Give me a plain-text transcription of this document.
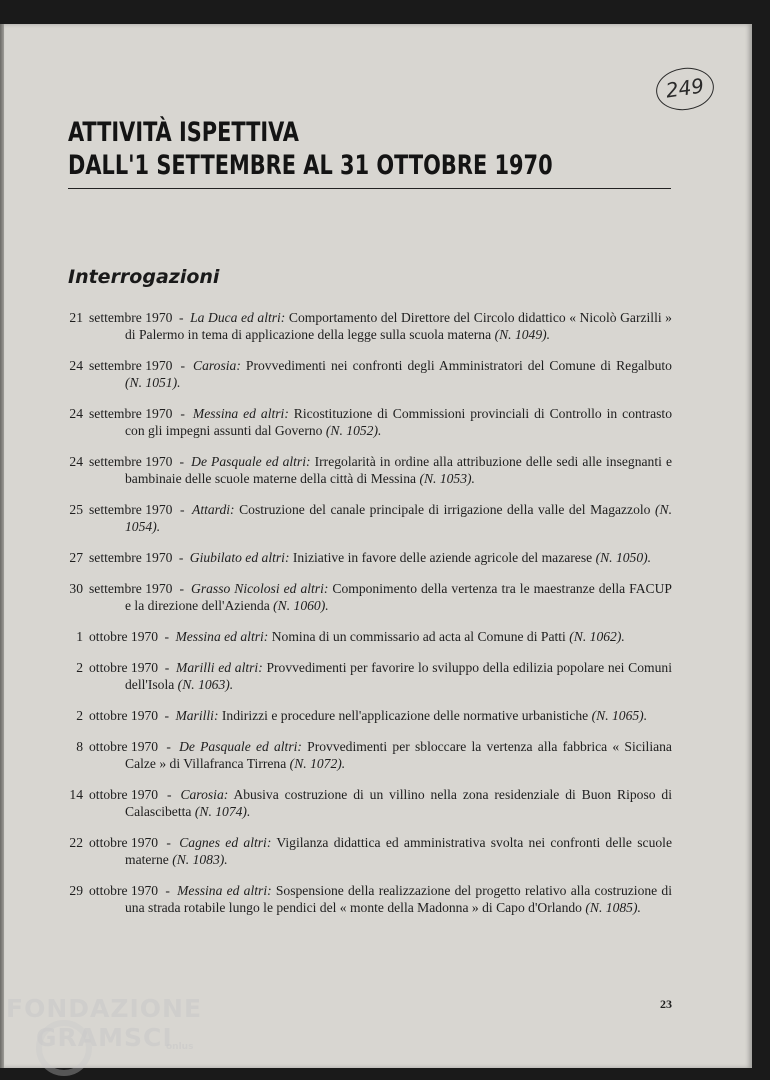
249
ATTIVITÀ ISPETTIVA
DALL'1 SETTEMBRE AL 31 OTTOBRE 1970
Interrogazioni
21 settembre 1970 - La Duca ed altri: Comportamento del Direttore del Circolo didattico « Nicolò Garzilli » di Palermo in tema di applicazione della legge sulla scuola materna (N. 1049).
24 settembre 1970 - Carosia: Provvedimenti nei confronti degli Amministratori del Comune di Regalbuto (N. 1051).
24 settembre 1970 - Messina ed altri: Ricostituzione di Commissioni provinciali di Controllo in contrasto con gli impegni assunti dal Governo (N. 1052).
24 settembre 1970 - De Pasquale ed altri: Irregolarità in ordine alla attribuzione delle sedi alle insegnanti e bambinaie delle scuole materne della città di Messina (N. 1053).
25 settembre 1970 - Attardi: Costruzione del canale principale di irrigazione della valle del Magazzolo (N. 1054).
27 settembre 1970 - Giubilato ed altri: Iniziative in favore delle aziende agricole del mazarese (N. 1050).
30 settembre 1970 - Grasso Nicolosi ed altri: Componimento della vertenza tra le maestranze della FACUP e la direzione dell'Azienda (N. 1060).
1 ottobre 1970 - Messina ed altri: Nomina di un commissario ad acta al Comune di Patti (N. 1062).
2 ottobre 1970 - Marilli ed altri: Provvedimenti per favorire lo sviluppo della edilizia popolare nei Comuni dell'Isola (N. 1063).
2 ottobre 1970 - Marilli: Indirizzi e procedure nell'applicazione delle normative urbanistiche (N. 1065).
8 ottobre 1970 - De Pasquale ed altri: Provvedimenti per sbloccare la vertenza alla fabbrica « Siciliana Calze » di Villafranca Tirrena (N. 1072).
14 ottobre 1970 - Carosia: Abusiva costruzione di un villino nella zona residenziale di Buon Riposo di Calascibetta (N. 1074).
22 ottobre 1970 - Cagnes ed altri: Vigilanza didattica ed amministrativa svolta nei confronti delle scuole materne (N. 1083).
29 ottobre 1970 - Messina ed altri: Sospensione della realizzazione del progetto relativo alla costruzione di una strada rotabile lungo le pendici del « monte della Madonna » di Capo d'Orlando (N. 1085).

23

FONDAZIONE
GRAMSCI
onlus
